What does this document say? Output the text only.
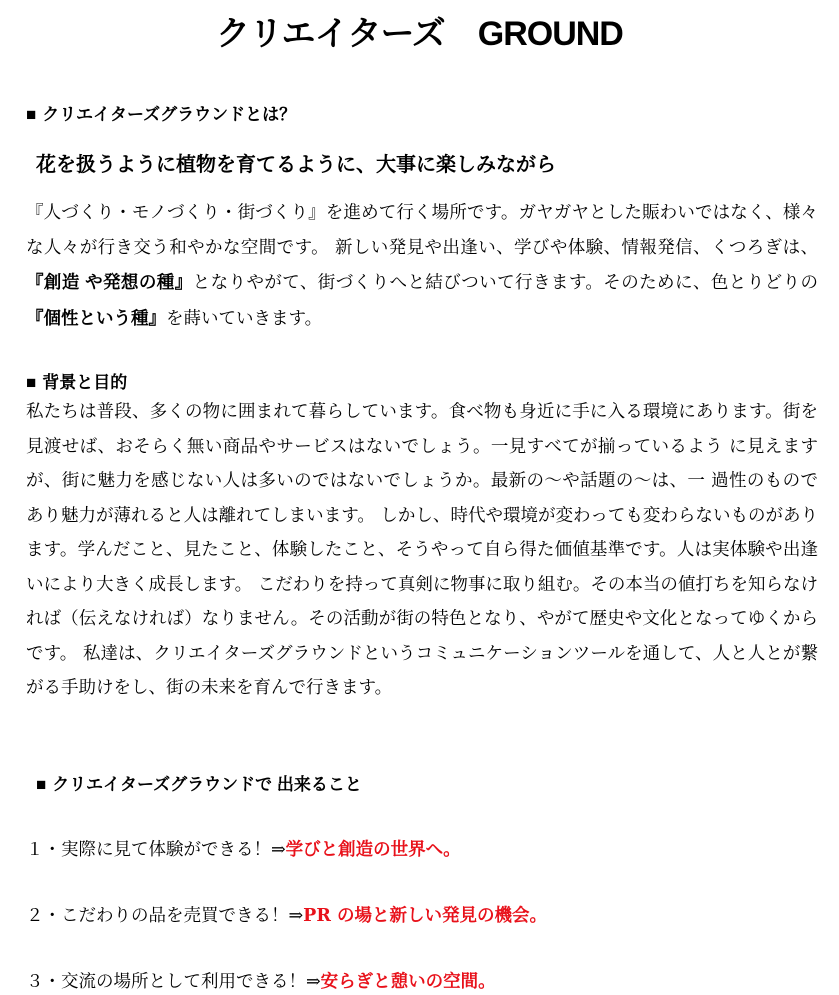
クリエイターズ　GROUND
■ クリエイターズグラウンドとは？
花を扱うように植物を育てるように、大事に楽しみながら

『人づくり・モノづくり・街づくり』を進めて行く場所です。ガヤガヤとした賑わいではなく、様々な人々が行き交う和やかな空間です。 新しい発見や出逢い、学びや体験、情報発信、くつろぎは、『創造 や発想の種』となりやがて、街づくりへと結びついて行きます。そのために、色とりどりの『個性という種』を蒔いていきます。

■ 背景と目的

私たちは普段、多くの物に囲まれて暮らしています。食べ物も身近に手に入る環境にあります。街を見渡せば、おそらく無い商品やサービスはないでしょう。一見すべてが揃っているよう に見えますが、街に魅力を感じない人は多いのではないでしょうか。最新の〜や話題の〜は、一 過性のものであり魅力が薄れると人は離れてしまいます。 しかし、時代や環境が変わっても変わらないものがあります。学んだこと、見たこと、体験したこと、そうやって自ら得た価値基準です。人は実体験や出逢いにより大きく成長します。 こだわりを持って真剣に物事に取り組む。その本当の値打ちを知らなければ（伝えなければ）なりません。その活動が街の特色となり、やがて歴史や文化となってゆくからです。 私達は、クリエイターズグラウンドというコミュニケーションツールを通して、人と人とが繋がる手助けをし、街の未来を育んで行きます。

■ クリエイターズグラウンドで 出来ること
１・実際に見て体験ができる！⇒学びと創造の世界へ。
２・こだわりの品を売買できる！⇒PR の場と新しい発見の機会。
３・交流の場所として利用できる！⇒安らぎと憩いの空間。
